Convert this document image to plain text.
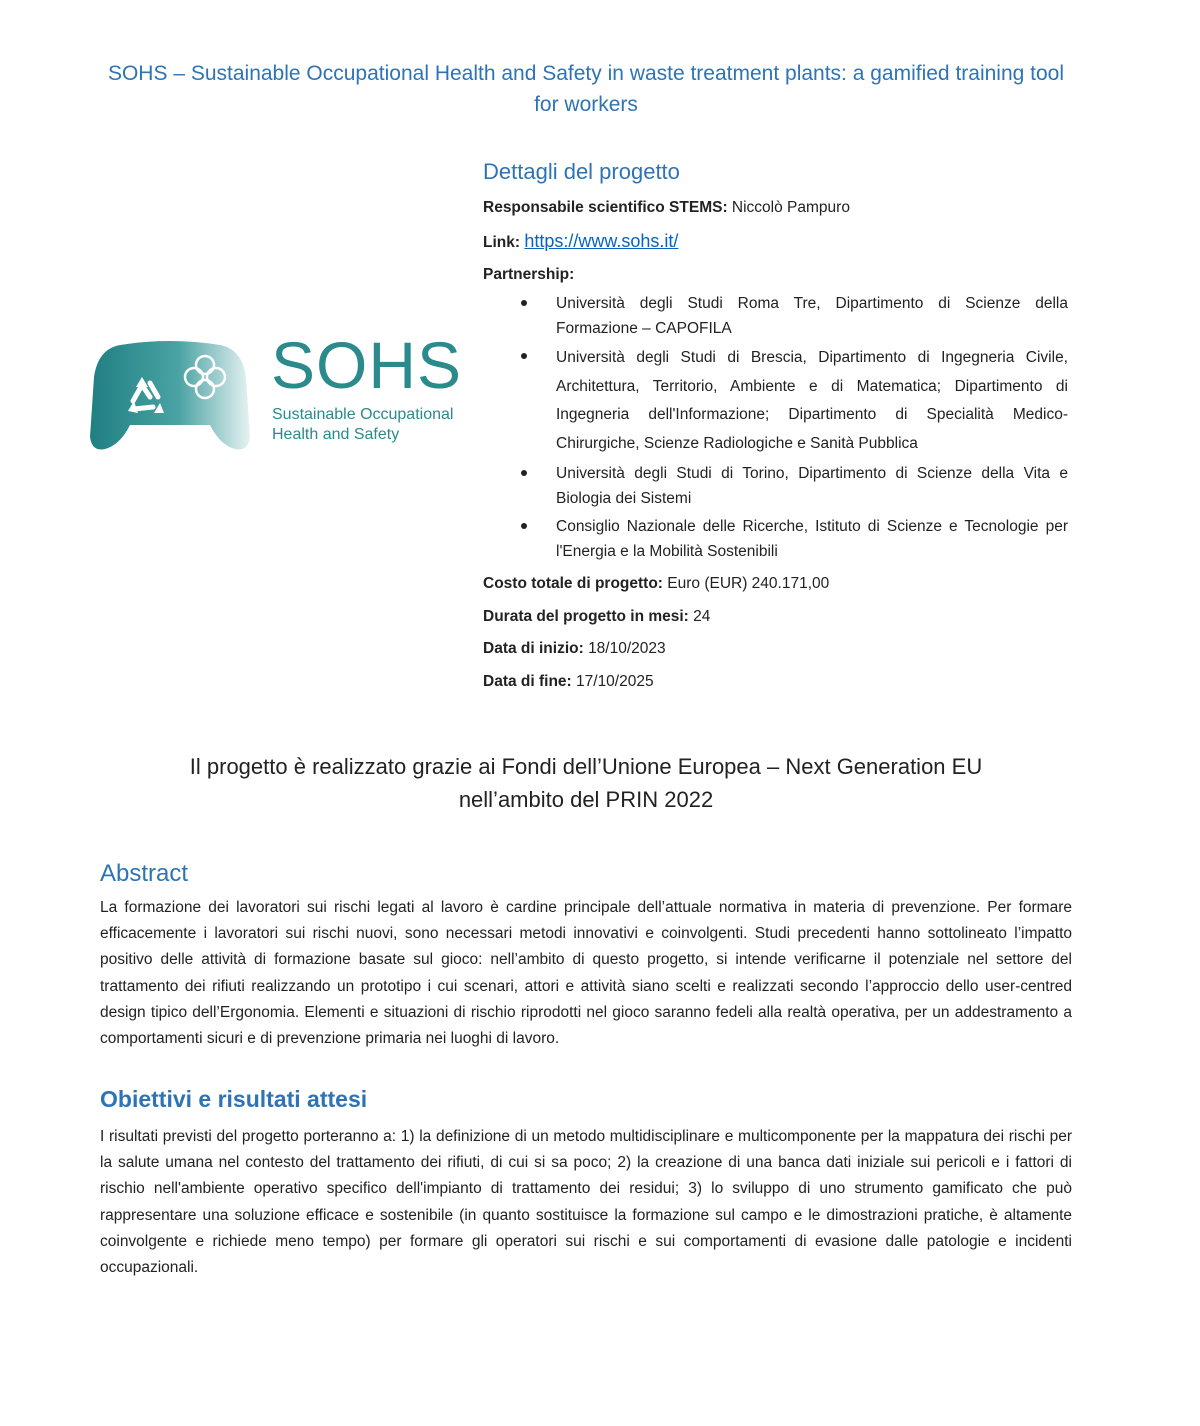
SOHS – Sustainable Occupational Health and Safety in waste treatment plants: a gamified training tool for workers
SOHS
Sustainable Occupational Health and Safety
Dettagli del progetto
Responsabile scientifico STEMS: Niccolò Pampuro
Link: https://www.sohs.it/
Partnership:
Università degli Studi Roma Tre, Dipartimento di Scienze della Formazione – CAPOFILA
Università degli Studi di Brescia, Dipartimento di Ingegneria Civile, Architettura, Territorio, Ambiente e di Matematica; Dipartimento di Ingegneria dell'Informazione; Dipartimento di Specialità Medico-Chirurgiche, Scienze Radiologiche e Sanità Pubblica
Università degli Studi di Torino, Dipartimento di Scienze della Vita e Biologia dei Sistemi
Consiglio Nazionale delle Ricerche, Istituto di Scienze e Tecnologie per l'Energia e la Mobilità Sostenibili
Costo totale di progetto: Euro (EUR) 240.171,00
Durata del progetto in mesi: 24
Data di inizio: 18/10/2023
Data di fine: 17/10/2025
Il progetto è realizzato grazie ai Fondi dell’Unione Europea – Next Generation EU
nell’ambito del PRIN 2022
Abstract

La formazione dei lavoratori sui rischi legati al lavoro è cardine principale dell’attuale normativa in materia di prevenzione. Per formare efficacemente i lavoratori sui rischi nuovi, sono necessari metodi innovativi e coinvolgenti. Studi precedenti hanno sottolineato l’impatto positivo delle attività di formazione basate sul gioco: nell’ambito di questo progetto, si intende verificarne il potenziale nel settore del trattamento dei rifiuti realizzando un prototipo i cui scenari, attori e attività siano scelti e realizzati secondo l’approccio dello user-centred design tipico dell’Ergonomia. Elementi e situazioni di rischio riprodotti nel gioco saranno fedeli alla realtà operativa, per un addestramento a comportamenti sicuri e di prevenzione primaria nei luoghi di lavoro.

Obiettivi e risultati attesi

I risultati previsti del progetto porteranno a: 1) la definizione di un metodo multidisciplinare e multicomponente per la mappatura dei rischi per la salute umana nel contesto del trattamento dei rifiuti, di cui si sa poco; 2) la creazione di una banca dati iniziale sui pericoli e i fattori di rischio nell'ambiente operativo specifico dell'impianto di trattamento dei residui; 3) lo sviluppo di uno strumento gamificato che può rappresentare una soluzione efficace e sostenibile (in quanto sostituisce la formazione sul campo e le dimostrazioni pratiche, è altamente coinvolgente e richiede meno tempo) per formare gli operatori sui rischi e sui comportamenti di evasione dalle patologie e incidenti occupazionali.
